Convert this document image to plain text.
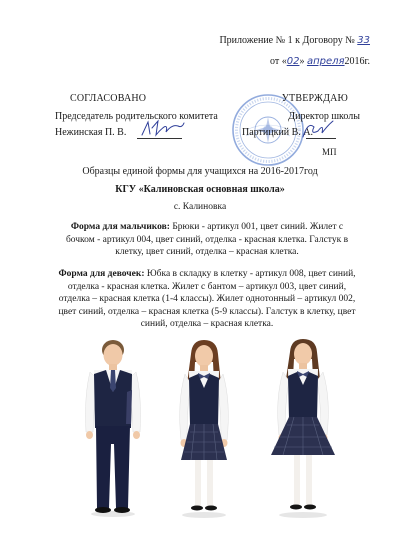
Приложение № 1 к Договору № 33
от «02» апреля2016г.
СОГЛАСОВАНО	УТВЕРЖДАЮ
Председатель родительского комитета	Директор школы
Нежинская П. В.	Партицкий В. А.
МП
Образцы единой формы для учащихся на 2016-2017год
КГУ «Калиновская основная школа»
с. Калиновка
Форма для мальчиков: Брюки - артикул 001, цвет синий. Жилет с бочком - артикул 004, цвет синий, отделка - красная клетка. Галстук в клетку, цвет синий, отделка – красная клетка.
Форма для девочек: Юбка в складку в клетку - артикул 008, цвет синий, отделка - красная клетка. Жилет с бантом – артикул 003, цвет синий, отделка – красная клетка (1-4 классы). Жилет однотонный – артикул 002, цвет синий, отделка – красная клетка (5-9 классы). Галстук в клетку, цвет синий, отделка – красная клетка.
